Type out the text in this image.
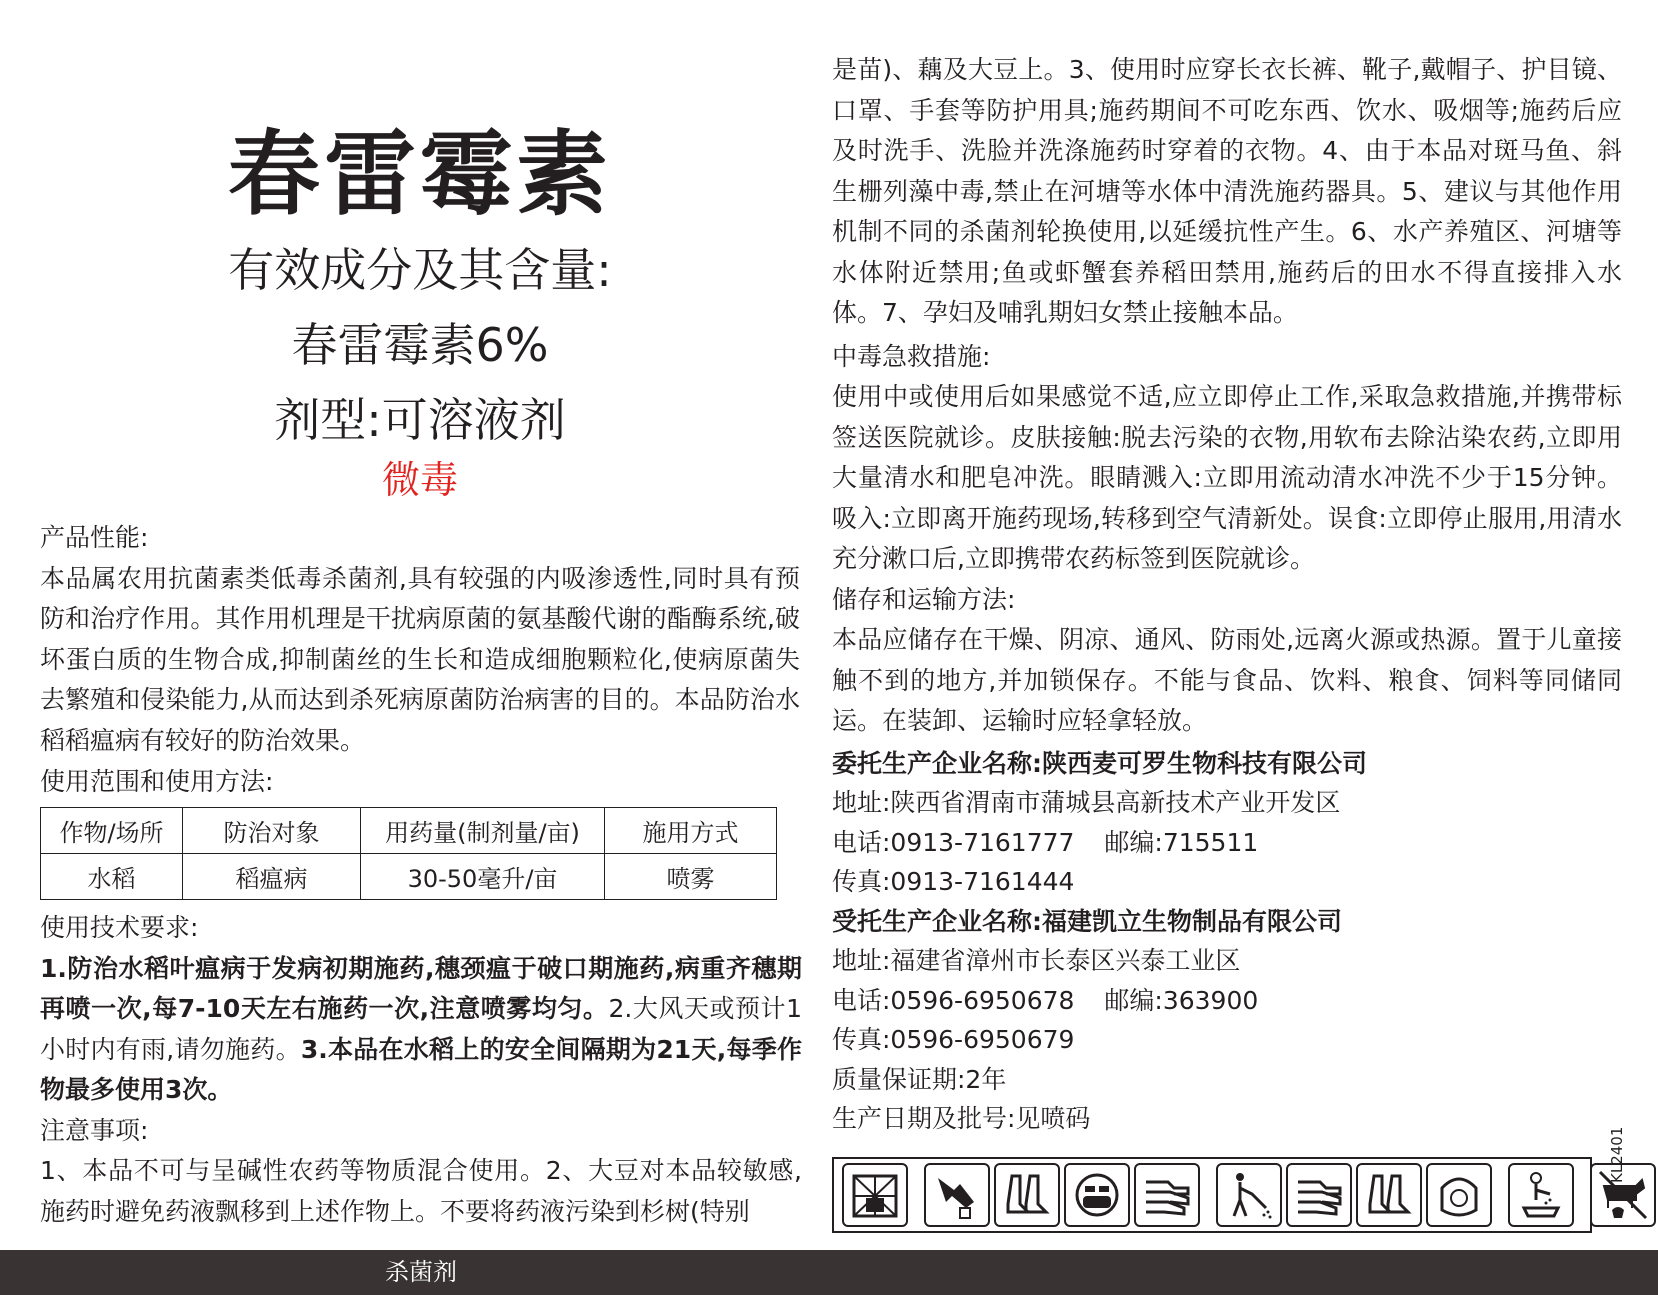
春雷霉素
有效成分及其含量:
春雷霉素6%
剂型:可溶液剂
微毒
产品性能:
本品属农用抗菌素类低毒杀菌剂,具有较强的内吸渗透性,同时具有预防和治疗作用。其作用机理是干扰病原菌的氨基酸代谢的酯酶系统,破坏蛋白质的生物合成,抑制菌丝的生长和造成细胞颗粒化,使病原菌失去繁殖和侵染能力,从而达到杀死病原菌防治病害的目的。本品防治水稻稻瘟病有较好的防治效果。
使用范围和使用方法:
作物/场所	防治对象	用药量(制剂量/亩)	施用方式
水稻	稻瘟病	30-50毫升/亩	喷雾
使用技术要求:
1.防治水稻叶瘟病于发病初期施药,穗颈瘟于破口期施药,病重齐穗期再喷一次,每7-10天左右施药一次,注意喷雾均匀。2.大风天或预计1小时内有雨,请勿施药。3.本品在水稻上的安全间隔期为21天,每季作物最多使用3次。
注意事项:
1、本品不可与呈碱性农药等物质混合使用。2、大豆对本品较敏感,施药时避免药液飘移到上述作物上。不要将药液污染到杉树(特别
是苗)、藕及大豆上。3、使用时应穿长衣长裤、靴子,戴帽子、护目镜、口罩、手套等防护用具;施药期间不可吃东西、饮水、吸烟等;施药后应及时洗手、洗脸并洗涤施药时穿着的衣物。4、由于本品对斑马鱼、斜生栅列藻中毒,禁止在河塘等水体中清洗施药器具。5、建议与其他作用机制不同的杀菌剂轮换使用,以延缓抗性产生。6、水产养殖区、河塘等水体附近禁用;鱼或虾蟹套养稻田禁用,施药后的田水不得直接排入水体。7、孕妇及哺乳期妇女禁止接触本品。
中毒急救措施:
使用中或使用后如果感觉不适,应立即停止工作,采取急救措施,并携带标签送医院就诊。皮肤接触:脱去污染的衣物,用软布去除沾染农药,立即用大量清水和肥皂冲洗。眼睛溅入:立即用流动清水冲洗不少于15分钟。吸入:立即离开施药现场,转移到空气清新处。误食:立即停止服用,用清水充分漱口后,立即携带农药标签到医院就诊。
储存和运输方法:
本品应储存在干燥、阴凉、通风、防雨处,远离火源或热源。置于儿童接触不到的地方,并加锁保存。不能与食品、饮料、粮食、饲料等同储同运。在装卸、运输时应轻拿轻放。
委托生产企业名称:陕西麦可罗生物科技有限公司
地址:陕西省渭南市蒲城县高新技术产业开发区
电话:0913-7161777 邮编:715511
传真:0913-7161444
受托生产企业名称:福建凯立生物制品有限公司
地址:福建省漳州市长泰区兴泰工业区
电话:0596-6950678 邮编:363900
传真:0596-6950679
质量保证期:2年
生产日期及批号:见喷码
KL2401
杀菌剂
